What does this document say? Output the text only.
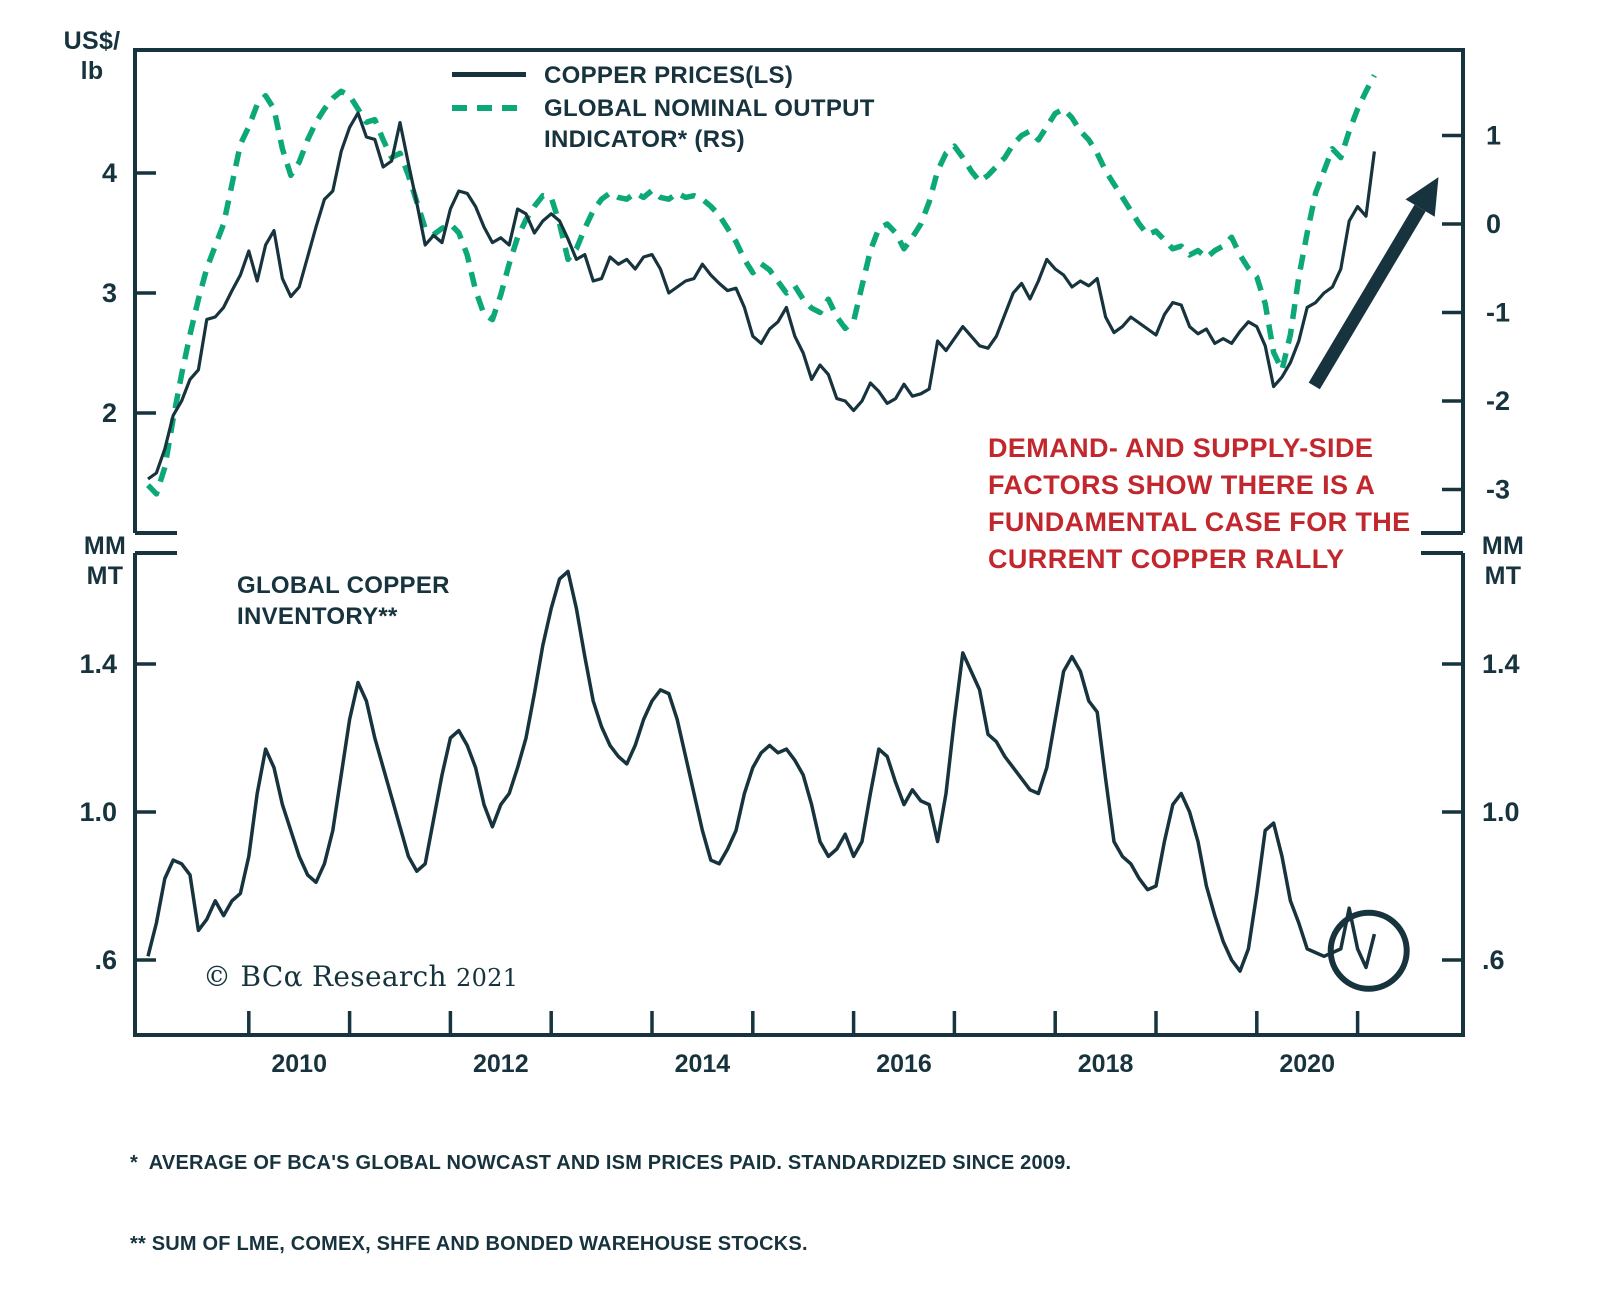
4
3
2
1
0
-1
-2
-3
1.4
1.0
.6
1.4
1.0
.6
2010	2012	2014	2016	2018	2020
US$/
lb	COPPER PRICES(LS)
GLOBAL NOMINAL OUTPUT INDICATOR* (RS)
MM
MT
MM
MT
DEMAND- AND SUPPLY-SIDE
FACTORS SHOW THERE IS A
FUNDAMENTAL CASE FOR THE
CURRENT COPPER RALLY
GLOBAL COPPER INVENTORY**
© BCα Research 2021

*  AVERAGE OF BCA'S GLOBAL NOWCAST AND ISM PRICES PAID. STANDARDIZED SINCE 2009.

** SUM OF LME, COMEX, SHFE AND BONDED WAREHOUSE STOCKS.
